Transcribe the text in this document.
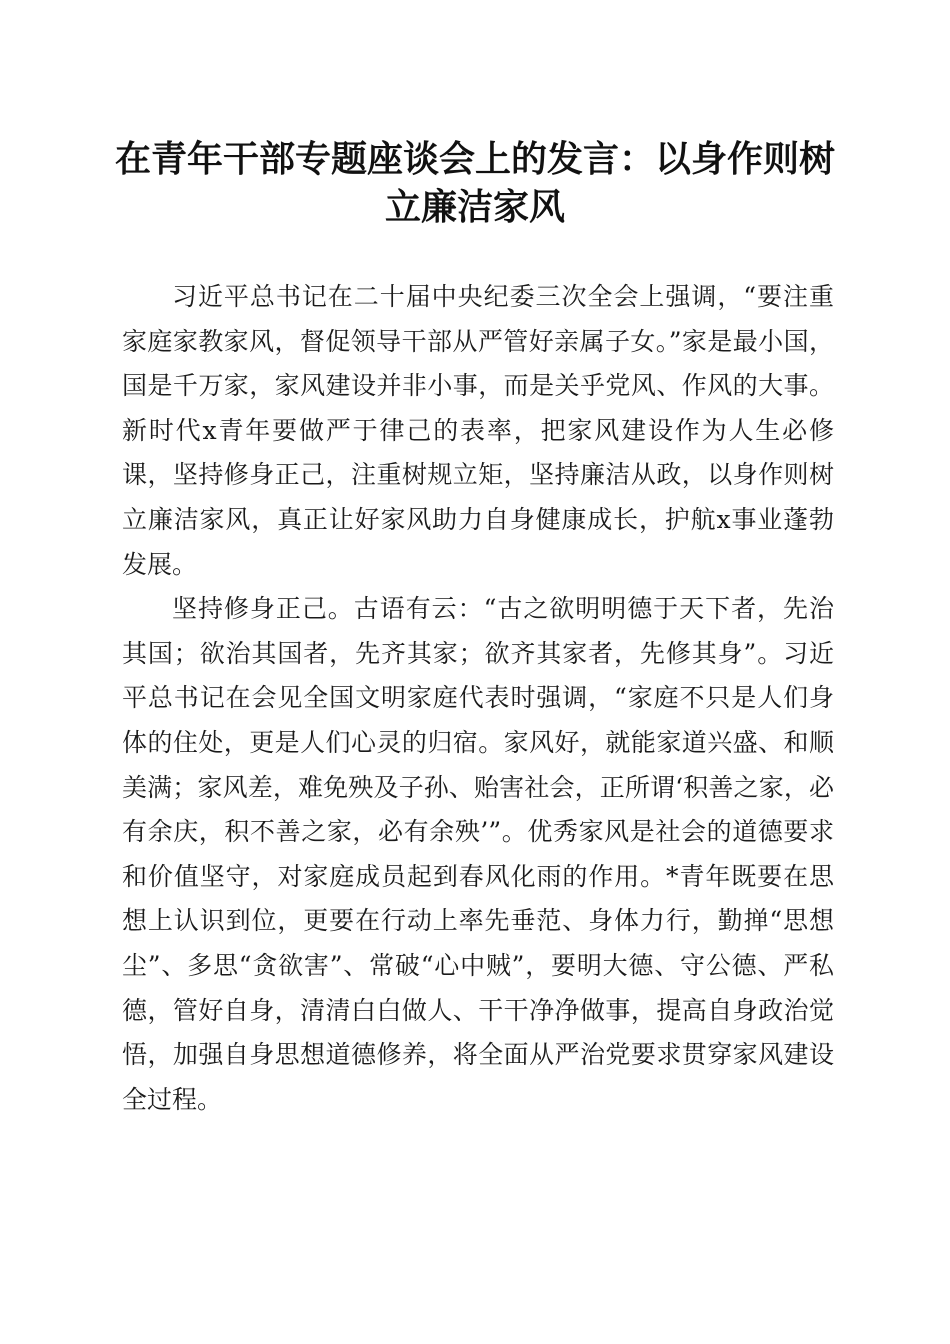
在青年干部专题座谈会上的发言：以身作则树立廉洁家风

习近平总书记在二十届中央纪委三次全会上强调，“要注重家庭家教家风，督促领导干部从严管好亲属子女。”家是最小国，国是千万家，家风建设并非小事，而是关乎党风、作风的大事。新时代x青年要做严于律己的表率，把家风建设作为人生必修课，坚持修身正己，注重树规立矩，坚持廉洁从政，以身作则树立廉洁家风，真正让好家风助力自身健康成长，护航x事业蓬勃发展。

坚持修身正己。古语有云：“古之欲明明德于天下者，先治其国；欲治其国者，先齐其家；欲齐其家者，先修其身”。习近平总书记在会见全国文明家庭代表时强调，“家庭不只是人们身体的住处，更是人们心灵的归宿。家风好，就能家道兴盛、和顺美满；家风差，难免殃及子孙、贻害社会，正所谓‘积善之家，必有余庆，积不善之家，必有余殃’”。优秀家风是社会的道德要求和价值坚守，对家庭成员起到春风化雨的作用。*青年既要在思想上认识到位，更要在行动上率先垂范、身体力行，勤掸“思想尘”、多思“贪欲害”、常破“心中贼”，要明大德、守公德、严私德，管好自身，清清白白做人、干干净净做事，提高自身政治觉悟，加强自身思想道德修养，将全面从严治党要求贯穿家风建设全过程。
